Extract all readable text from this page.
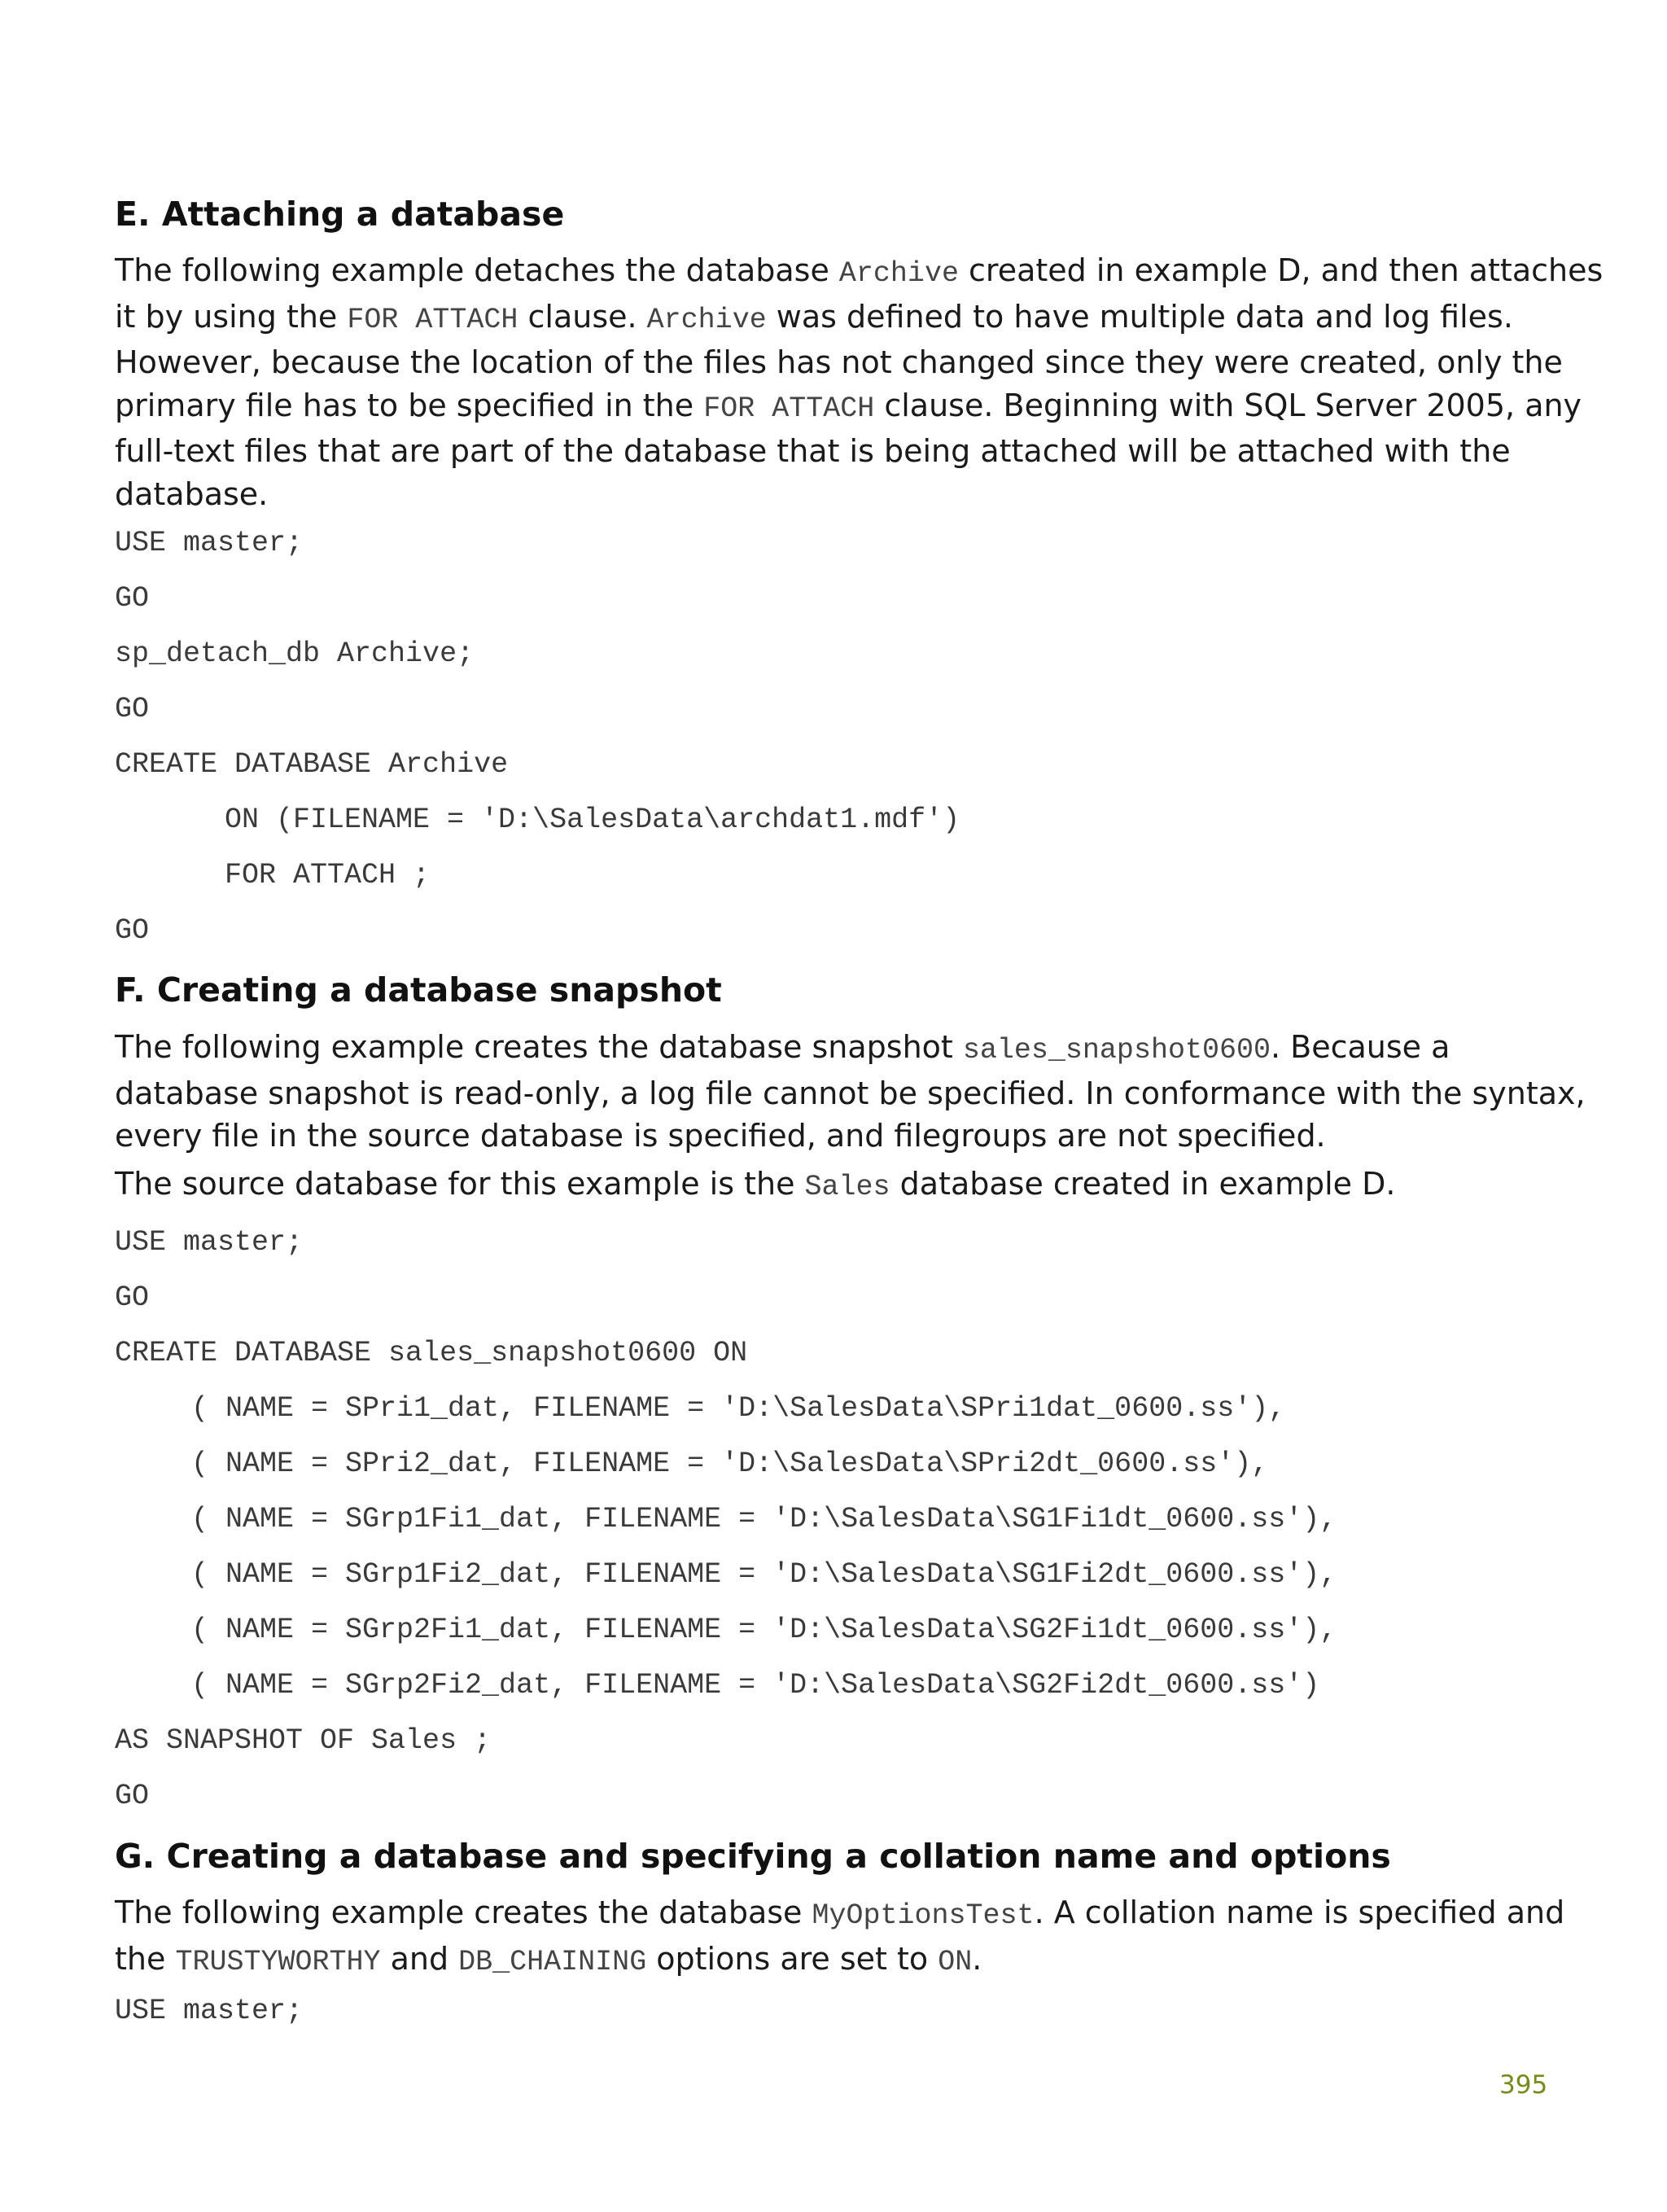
E. Attaching a database
The following example detaches the database Archive created in example D, and then attaches
it by using the FOR ATTACH clause. Archive was defined to have multiple data and log files.
However, because the location of the files has not changed since they were created, only the
primary file has to be specified in the FOR ATTACH clause. Beginning with SQL Server 2005, any
full-text files that are part of the database that is being attached will be attached with the
database.
USE master;
GO
sp_detach_db Archive;
GO
CREATE DATABASE Archive
ON (FILENAME = 'D:\SalesData\archdat1.mdf')
FOR ATTACH ;
GO
F. Creating a database snapshot
The following example creates the database snapshot sales_snapshot0600. Because a
database snapshot is read-only, a log file cannot be specified. In conformance with the syntax,
every file in the source database is specified, and filegroups are not specified.
The source database for this example is the Sales database created in example D.
USE master;
GO
CREATE DATABASE sales_snapshot0600 ON
( NAME = SPri1_dat, FILENAME = 'D:\SalesData\SPri1dat_0600.ss'),
( NAME = SPri2_dat, FILENAME = 'D:\SalesData\SPri2dt_0600.ss'),
( NAME = SGrp1Fi1_dat, FILENAME = 'D:\SalesData\SG1Fi1dt_0600.ss'),
( NAME = SGrp1Fi2_dat, FILENAME = 'D:\SalesData\SG1Fi2dt_0600.ss'),
( NAME = SGrp2Fi1_dat, FILENAME = 'D:\SalesData\SG2Fi1dt_0600.ss'),
( NAME = SGrp2Fi2_dat, FILENAME = 'D:\SalesData\SG2Fi2dt_0600.ss')
AS SNAPSHOT OF Sales ;
GO
G. Creating a database and specifying a collation name and options
The following example creates the database MyOptionsTest. A collation name is specified and
the TRUSTYWORTHY and DB_CHAINING options are set to ON.
USE master;
395
